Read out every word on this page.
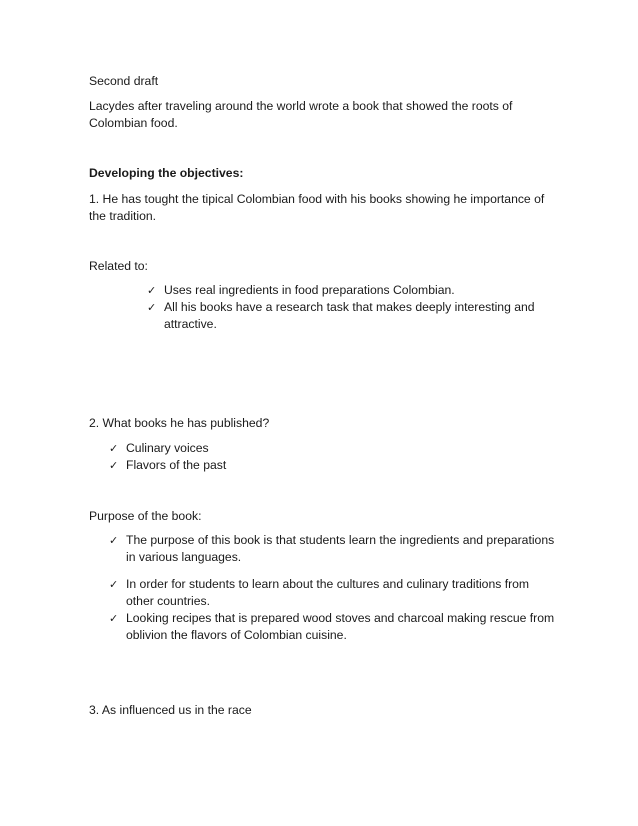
Second draft

Lacydes after traveling around the world wrote a book that showed the roots of Colombian food.

Developing the objectives:

1. He has tought the tipical Colombian food with his books showing he importance of the tradition.

Related to:

✓ Uses real ingredients in food preparations Colombian.
✓ All his books have a research task that makes deeply interesting and attractive.

2. What books he has published?

✓ Culinary voices
✓ Flavors of the past

Purpose of the book:

✓ The purpose of this book is that students learn the ingredients and preparations in various languages.
✓ In order for students to learn about the cultures and culinary traditions from other countries.
✓ Looking recipes that is prepared wood stoves and charcoal making rescue from oblivion the flavors of Colombian cuisine.

3. As influenced us in the race
